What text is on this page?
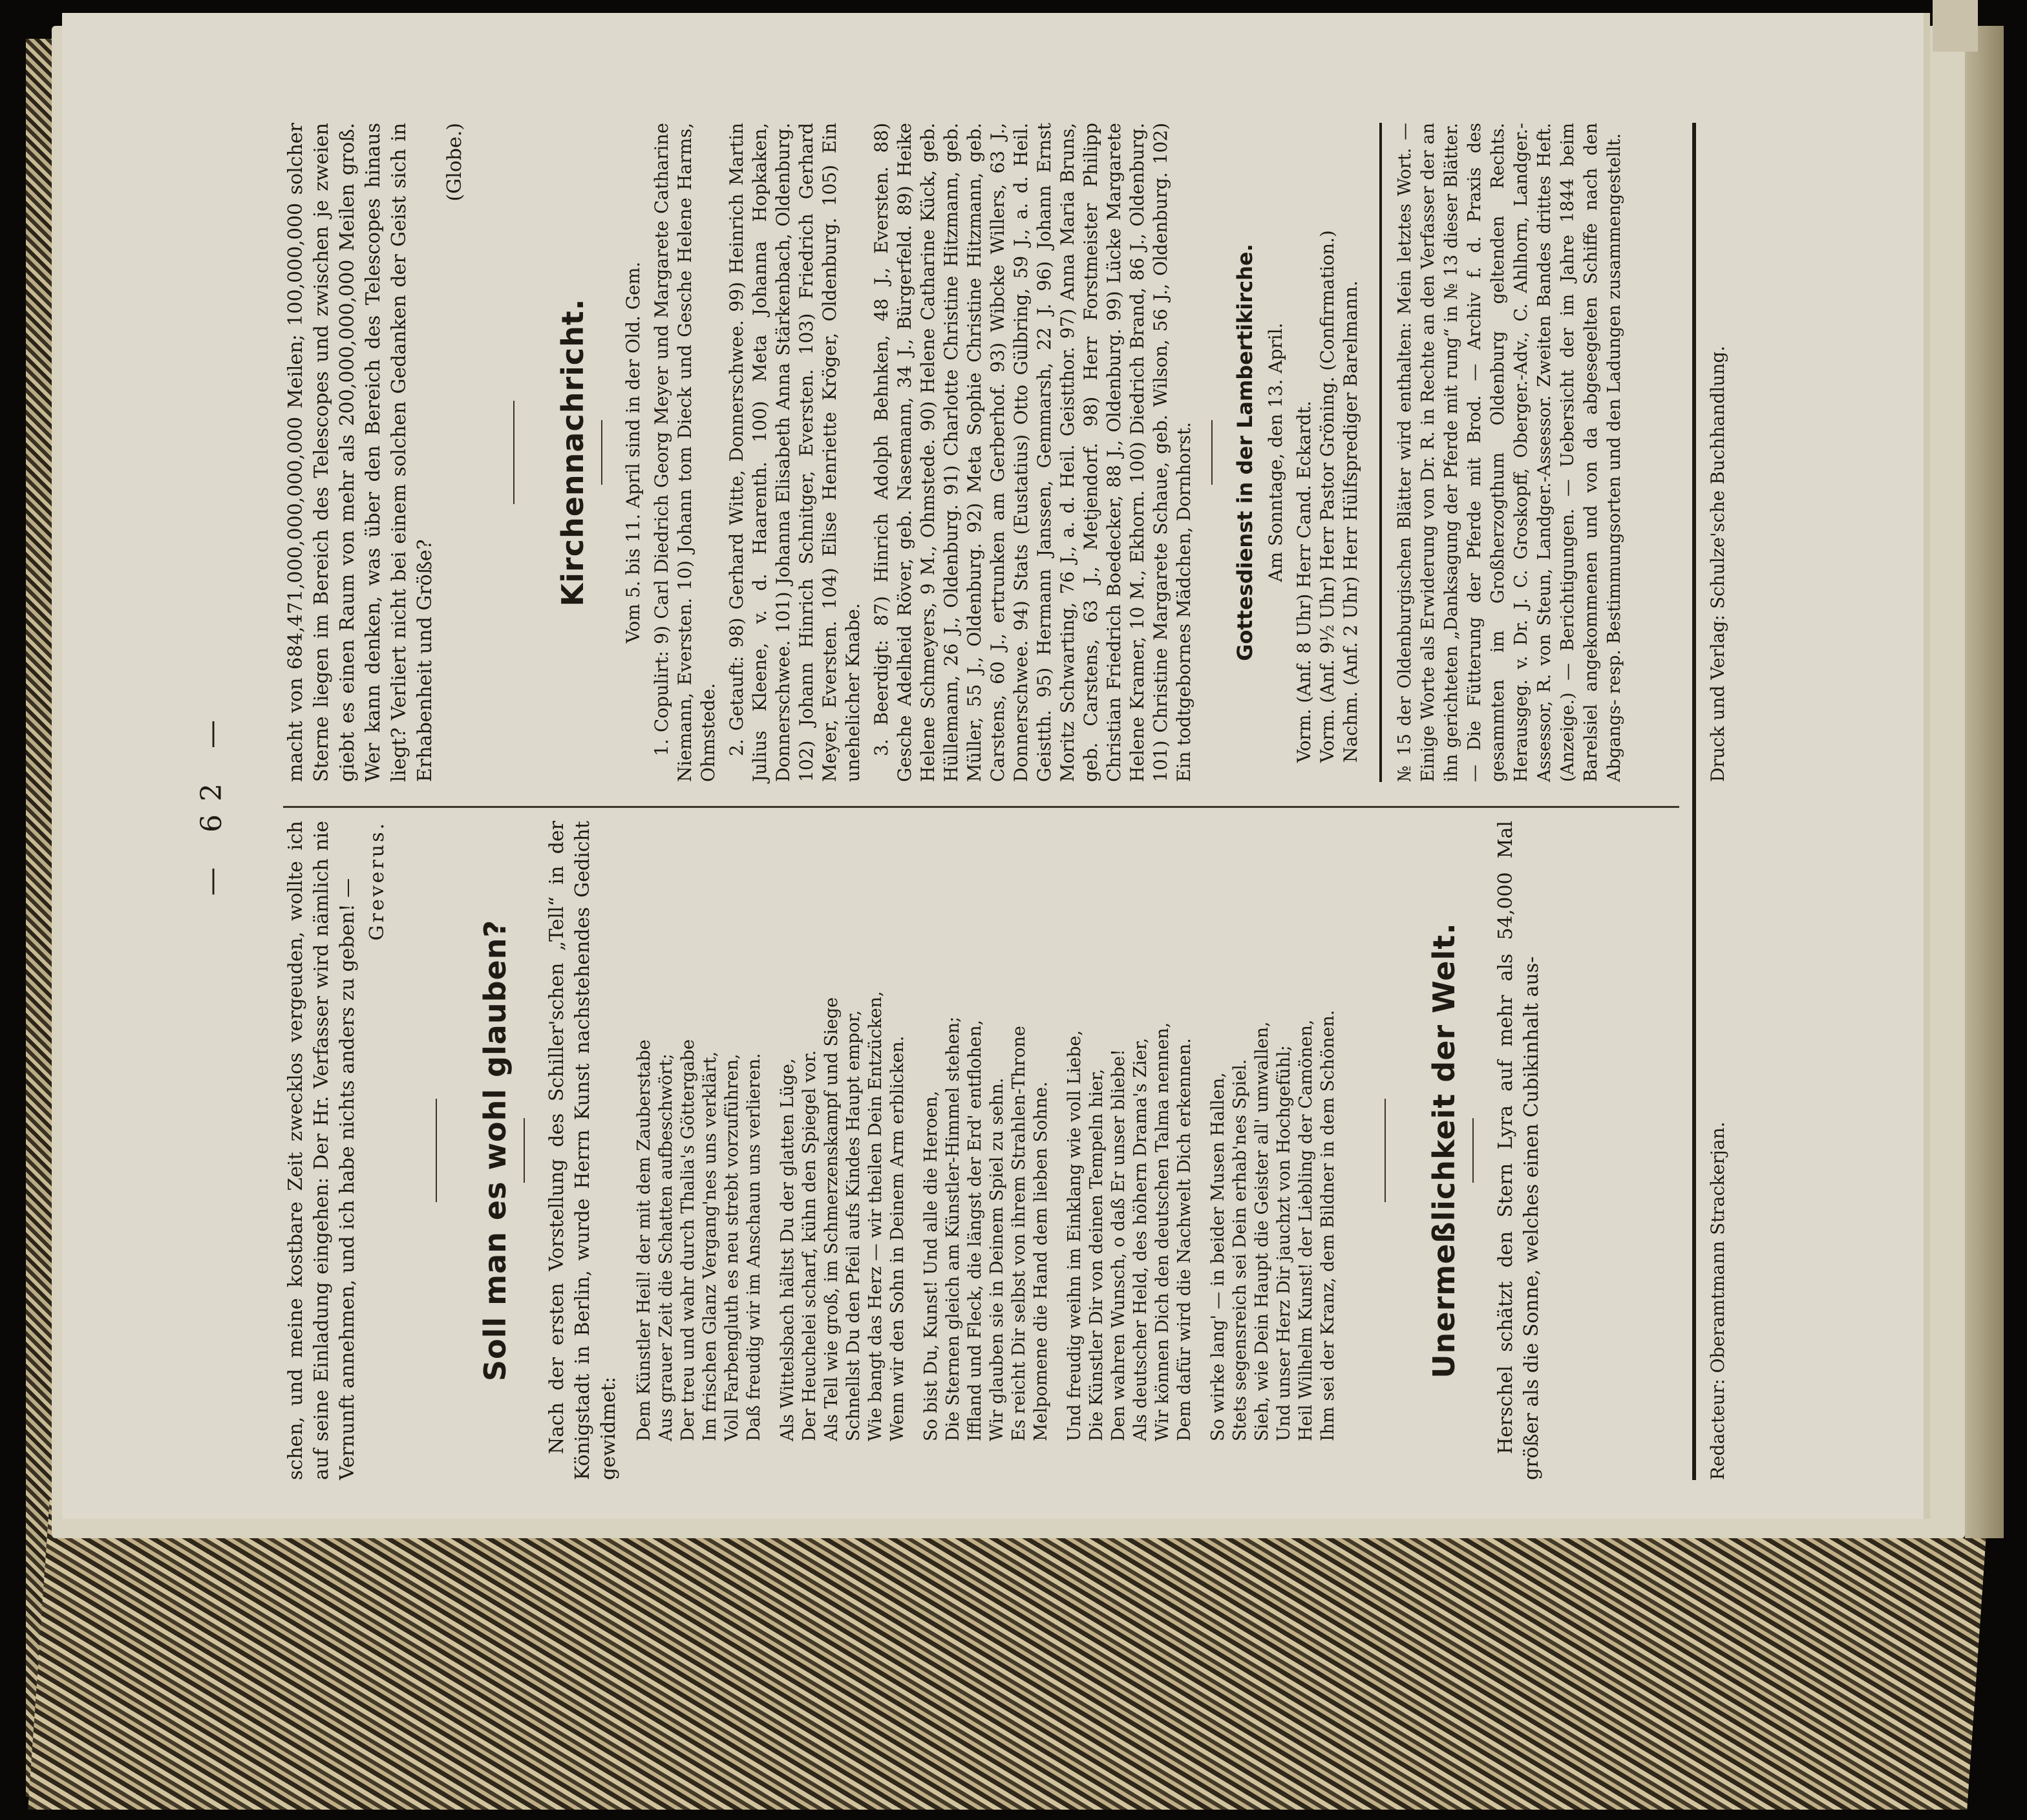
— 62 —

schen, und meine kostbare Zeit zwecklos vergeuden, wollte ich auf seine Einladung eingehen: Der Hr. Verfasser wird nämlich nie Vernunft annehmen, und ich habe nichts anders zu geben! — Greverus.
Soll man es wohl glauben? Nach der ersten Vorstellung des Schiller'schen „Tell“ in der Königstadt in Berlin, wurde Herrn Kunst nachstehendes Gedicht gewidmet: Dem Künstler Heil! der mit dem Zauberstabe Aus grauer Zeit die Schatten aufbeschwört; Der treu und wahr durch Thalia's Göttergabe Im frischen Glanz Vergang'nes uns verklärt, Voll Farbengluth es neu strebt vorzuführen, Daß freudig wir im Anschaun uns verlieren. Als Wittelsbach hältst Du der glatten Lüge, Der Heuchelei scharf, kühn den Spiegel vor. Als Tell wie groß, im Schmerzenskampf und Siege Schnellst Du den Pfeil aufs Kindes Haupt empor, Wie bangt das Herz — wir theilen Dein Entzücken, Wenn wir den Sohn in Deinem Arm erblicken. So bist Du, Kunst! Und alle die Heroen, Die Sternen gleich am Künstler-Himmel stehen; Iffland und Fleck, die längst der Erd' entflohen, Wir glauben sie in Deinem Spiel zu sehn. Es reicht Dir selbst von ihrem Strahlen-Throne Melpomene die Hand dem lieben Sohne. Und freudig weihn im Einklang wie voll Liebe, Die Künstler Dir von deinen Tempeln hier, Den wahren Wunsch, o daß Er unser bliebe! Als deutscher Held, des höhern Drama's Zier, Wir können Dich den deutschen Talma nennen, Dem dafür wird die Nachwelt Dich erkennen. So wirke lang' — in beider Musen Hallen, Stets segensreich sei Dein erhab'nes Spiel. Sieh, wie Dein Haupt die Geister all' umwallen, Und unser Herz Dir jauchzt von Hochgefühl; Heil Wilhelm Kunst! der Liebling der Camönen, Ihm sei der Kranz, dem Bildner in dem Schönen.	Unermeßlichkeit der Welt. Herschel schätzt den Stern Lyra auf mehr als 54,000 Mal größer als die Sonne, welches einen Cubikinhalt aus-

macht von 684,471,000,000,000,000 Meilen; 100,000,000 solcher Sterne liegen im Bereich des Telescopes und zwischen je zweien giebt es einen Raum von mehr als 200,000,000,000 Meilen groß. Wer kann denken, was über den Bereich des Telescopes hinaus liegt? Verliert nicht bei einem solchen Gedanken der Geist sich in Erhabenheit und Größe?

(Globe.)
Kirchennachricht. Vom 5. bis 11. April sind in der Old. Gem. 1. Copulirt: 9) Carl Diedrich Georg Meyer und Margarete Catharine Niemann, Eversten. 10) Johann tom Dieck und Gesche Helene Harms, Ohmstede. 2. Getauft: 98) Gerhard Witte, Donnerschwee. 99) Heinrich Martin Julius Kleene, v. d. Haarenth. 100) Meta Johanna Hopkaken, Donnerschwee. 101) Johanna Elisabeth Anna Stärkenbach, Oldenburg. 102) Johann Hinrich Schnitger, Eversten. 103) Friedrich Gerhard Meyer, Eversten. 104) Elise Henriette Kröger, Oldenburg. 105) Ein unehelicher Knabe. 3. Beerdigt: 87) Hinrich Adolph Behnken, 48 J., Eversten. 88) Gesche Adelheid Röver, geb. Nasemann, 34 J., Bürgerfeld. 89) Heike Helene Schmeyers, 9 M., Ohmstede. 90) Helene Catharine Kück, geb. Hüllemann, 26 J., Oldenburg. 91) Charlotte Christine Hitzmann, geb. Müller, 55 J., Oldenburg. 92) Meta Sophie Christine Hitzmann, geb. Carstens, 60 J., ertrunken am Gerberhof. 93) Wibcke Willers, 63 J., Donnerschwee. 94) Stats (Eustatius) Otto Gülbring, 59 J., a. d. Heil. Geistth. 95) Hermann Janssen, Gemmarsh, 22 J. 96) Johann Ernst Moritz Schwarting, 76 J., a. d. Heil. Geistthor. 97) Anna Maria Bruns, geb. Carstens, 63 J., Metjendorf. 98) Herr Forstmeister Philipp Christian Friedrich Boedecker, 88 J., Oldenburg. 99) Lücke Margarete Helene Kramer, 10 M., Ekhorn. 100) Diedrich Brand, 86 J., Oldenburg. 101) Christine Margarete Schaue, geb. Wilson, 56 J., Oldenburg. 102) Ein todtgebornes Mädchen, Dornhorst. Gottesdienst in der Lambertikirche. Am Sonntage, den 13. April. Vorm. (Anf. 8 Uhr) Herr Cand. Eckardt. Vorm. (Anf. 9½ Uhr) Herr Pastor Gröning. (Confirmation.) Nachm. (Anf. 2 Uhr) Herr Hülfsprediger Barelmann.	№ 15 der Oldenburgischen Blätter wird enthalten: Mein letztes Wort. — Einige Worte als Erwiderung von Dr. R. in Rechte an den Verfasser der an ihn gerichteten „Danksagung der Pferde mit rung“ in № 13 dieser Blätter. — Die Fütterung der Pferde mit Brod. — Archiv f. d. Praxis des gesammten im Großherzogthum Oldenburg geltenden Rechts. Herausgeg. v. Dr. J. C. Groskopff, Oberger.-Adv., C. Ahlhorn, Landger.-Assessor, R. von Steun, Landger.-Assessor. Zweiten Bandes drittes Heft. (Anzeige.) — Berichtigungen. — Uebersicht der im Jahre 1844 beim Barelsiel angekommenen und von da abgesegelten Schiffe nach den Abgangs- resp. Bestimmungsorten und den Ladungen zusammengestellt.
Redacteur: Oberamtmann Strackerjan.
Druck und Verlag: Schulze'sche Buchhandlung.
